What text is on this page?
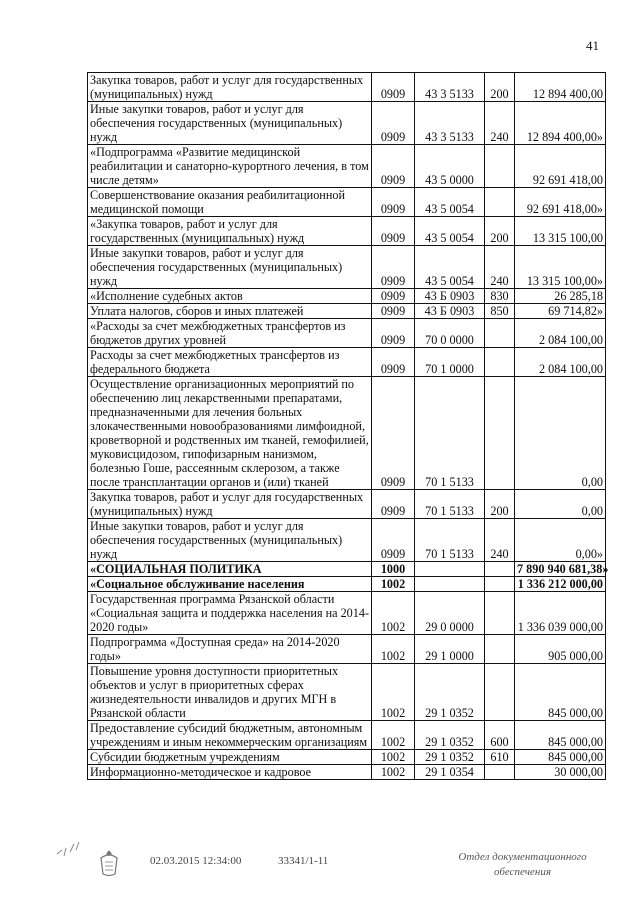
41
Закупка товаров, работ и услуг для государственных (муниципальных) нужд	0909	43 3 5133	200	12 894 400,00
Иные закупки товаров, работ и услуг для обеспечения государственных (муниципальных) нужд	0909	43 3 5133	240	12 894 400,00»
«Подпрограмма «Развитие медицинской реабилитации и санаторно-курортного лечения, в том числе детям»	0909	43 5 0000		92 691 418,00
Совершенствование оказания реабилитационной медицинской помощи	0909	43 5 0054		92 691 418,00»
«Закупка товаров, работ и услуг для государственных (муниципальных) нужд	0909	43 5 0054	200	13 315 100,00
Иные закупки товаров, работ и услуг для обеспечения государственных (муниципальных) нужд	0909	43 5 0054	240	13 315 100,00»
«Исполнение судебных актов	0909	43 Б 0903	830	26 285,18
Уплата налогов, сборов и иных платежей	0909	43 Б 0903	850	69 714,82»
«Расходы за счет межбюджетных трансфертов из бюджетов других уровней	0909	70 0 0000		2 084 100,00
Расходы за счет межбюджетных трансфертов из федерального бюджета	0909	70 1 0000		2 084 100,00
Осуществление организационных мероприятий по обеспечению лиц лекарственными препаратами, предназначенными для лечения больных злокачественными новообразованиями лимфоидной, кроветворной и родственных им тканей, гемофилией, муковисцидозом, гипофизарным нанизмом, болезнью Гоше, рассеянным склерозом, а также после трансплантации органов и (или) тканей	0909	70 1 5133		0,00
Закупка товаров, работ и услуг для государственных (муниципальных) нужд	0909	70 1 5133	200	0,00
Иные закупки товаров, работ и услуг для обеспечения государственных (муниципальных) нужд	0909	70 1 5133	240	0,00»
«СОЦИАЛЬНАЯ ПОЛИТИКА	1000			7 890 940 681,38»
«Социальное обслуживание населения	1002			1 336 212 000,00
Государственная программа Рязанской области «Социальная защита и поддержка населения на 2014-2020 годы»	1002	29 0 0000		1 336 039 000,00
Подпрограмма «Доступная среда» на 2014-2020 годы»	1002	29 1 0000		905 000,00
Повышение уровня доступности приоритетных объектов и услуг в приоритетных сферах жизнедеятельности инвалидов и других МГН в Рязанской области	1002	29 1 0352		845 000,00
Предоставление субсидий бюджетным, автономным учреждениям и иным некоммерческим организациям	1002	29 1 0352	600	845 000,00
Субсидии бюджетным учреждениям	1002	29 1 0352	610	845 000,00
Информационно-методическое и кадровое	1002	29 1 0354		30 000,00
02.03.2015 12:34:00	33341/1-11	Отдел документационного
обеспечения
